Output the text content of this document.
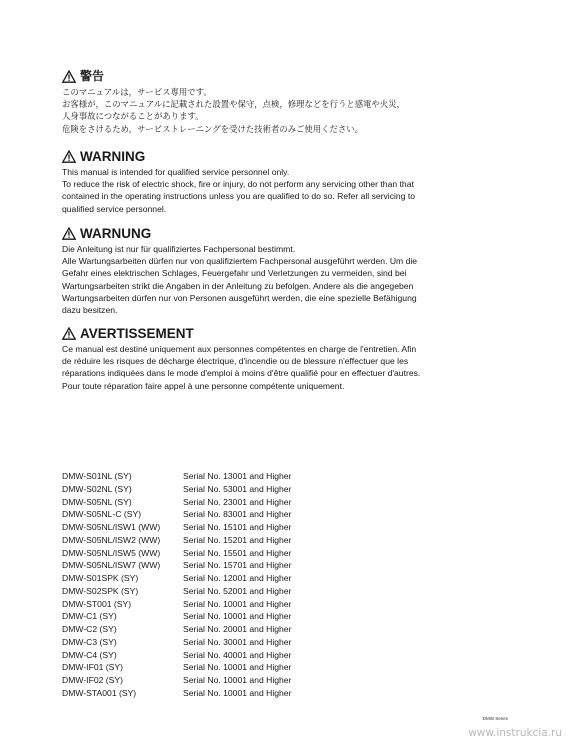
警告

このマニュアルは，サービス専用です。

お客様が，このマニュアルに記載された設置や保守，点検，修理などを行うと感電や火災，

人身事故につながることがあります。

危険をさけるため，サービストレーニングを受けた技術者のみご使用ください。

WARNING

This manual is intended for qualified service personnel only.

To reduce the risk of electric shock, fire or injury, do not perform any servicing other than that

contained in the operating instructions unless you are qualified to do so. Refer all servicing to

qualified service personnel.

WARNUNG

Die Anleitung ist nur für qualifiziertes Fachpersonal bestimmt.

Alle Wartungsarbeiten dürfen nur von qualifiziertem Fachpersonal ausgeführt werden. Um die

Gefahr eines elektrischen Schlages, Feuergefahr und Verletzungen zu vermeiden, sind bei

Wartungsarbeiten strikt die Angaben in der Anleitung zu befolgen. Andere als die angegeben

Wartungsarbeiten dürfen nur von Personen ausgeführt werden, die eine spezielle Befähigung

dazu besitzen.

AVERTISSEMENT

Ce manual est destiné uniquement aux personnes compétentes en charge de l'entretien. Afin

de réduire les risques de décharge électrique, d'incendie ou de blessure n'effectuer que les

réparations indiquées dans le mode d'emploi à moins d'être qualifié pour en effectuer d'autres.

Pour toute réparation faire appel à une personne compétente uniquement.

DMW-S01NL (SY)	Serial No. 13001 and Higher
DMW-S02NL (SY)	Serial No. 53001 and Higher
DMW-S05NL (SY)	Serial No. 23001 and Higher
DMW-S05NL-C (SY)	Serial No. 83001 and Higher
DMW-S05NL/ISW1 (WW)	Serial No. 15101 and Higher
DMW-S05NL/ISW2 (WW)	Serial No. 15201 and Higher
DMW-S05NL/ISW5 (WW)	Serial No. 15501 and Higher
DMW-S05NL/ISW7 (WW)	Serial No. 15701 and Higher
DMW-S01SPK (SY)	Serial No. 12001 and Higher
DMW-S02SPK (SY)	Serial No. 52001 and Higher
DMW-ST001 (SY)	Serial No. 10001 and Higher
DMW-C1 (SY)	Serial No. 10001 and Higher
DMW-C2 (SY)	Serial No. 20001 and Higher
DMW-C3 (SY)	Serial No. 30001 and Higher
DMW-C4 (SY)	Serial No. 40001 and Higher
DMW-IF01 (SY)	Serial No. 10001 and Higher
DMW-IF02 (SY)	Serial No. 10001 and Higher
DMW-STA001 (SY)	Serial No. 10001 and Higher
DMW Series
www.instrukcia.ru
